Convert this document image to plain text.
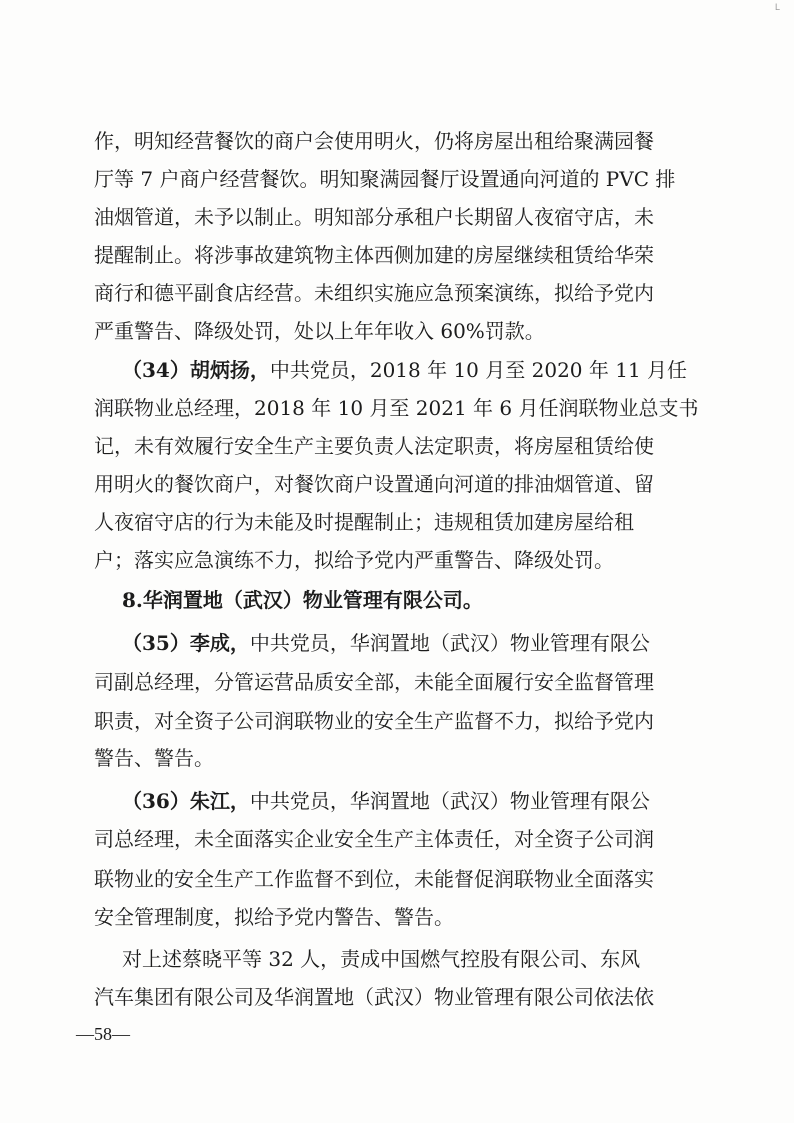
L
作，明知经营餐饮的商户会使用明火，仍将房屋出租给聚满园餐
厅等 7 户商户经营餐饮。明知聚满园餐厅设置通向河道的 PVC 排
油烟管道，未予以制止。明知部分承租户长期留人夜宿守店，未
提醒制止。将涉事故建筑物主体西侧加建的房屋继续租赁给华荣
商行和德平副食店经营。未组织实施应急预案演练，拟给予党内
严重警告、降级处罚，处以上年年收入 60%罚款。
（34）胡炳扬，中共党员，2018 年 10 月至 2020 年 11 月任
润联物业总经理，2018 年 10 月至 2021 年 6 月任润联物业总支书
记，未有效履行安全生产主要负责人法定职责，将房屋租赁给使
用明火的餐饮商户，对餐饮商户设置通向河道的排油烟管道、留
人夜宿守店的行为未能及时提醒制止；违规租赁加建房屋给租
户；落实应急演练不力，拟给予党内严重警告、降级处罚。
8.华润置地（武汉）物业管理有限公司。
（35）李成，中共党员，华润置地（武汉）物业管理有限公
司副总经理，分管运营品质安全部，未能全面履行安全监督管理
职责，对全资子公司润联物业的安全生产监督不力，拟给予党内
警告、警告。
（36）朱江，中共党员，华润置地（武汉）物业管理有限公
司总经理，未全面落实企业安全生产主体责任，对全资子公司润
联物业的安全生产工作监督不到位，未能督促润联物业全面落实
安全管理制度，拟给予党内警告、警告。
对上述蔡晓平等 32 人，责成中国燃气控股有限公司、东风
汽车集团有限公司及华润置地（武汉）物业管理有限公司依法依
—58—
